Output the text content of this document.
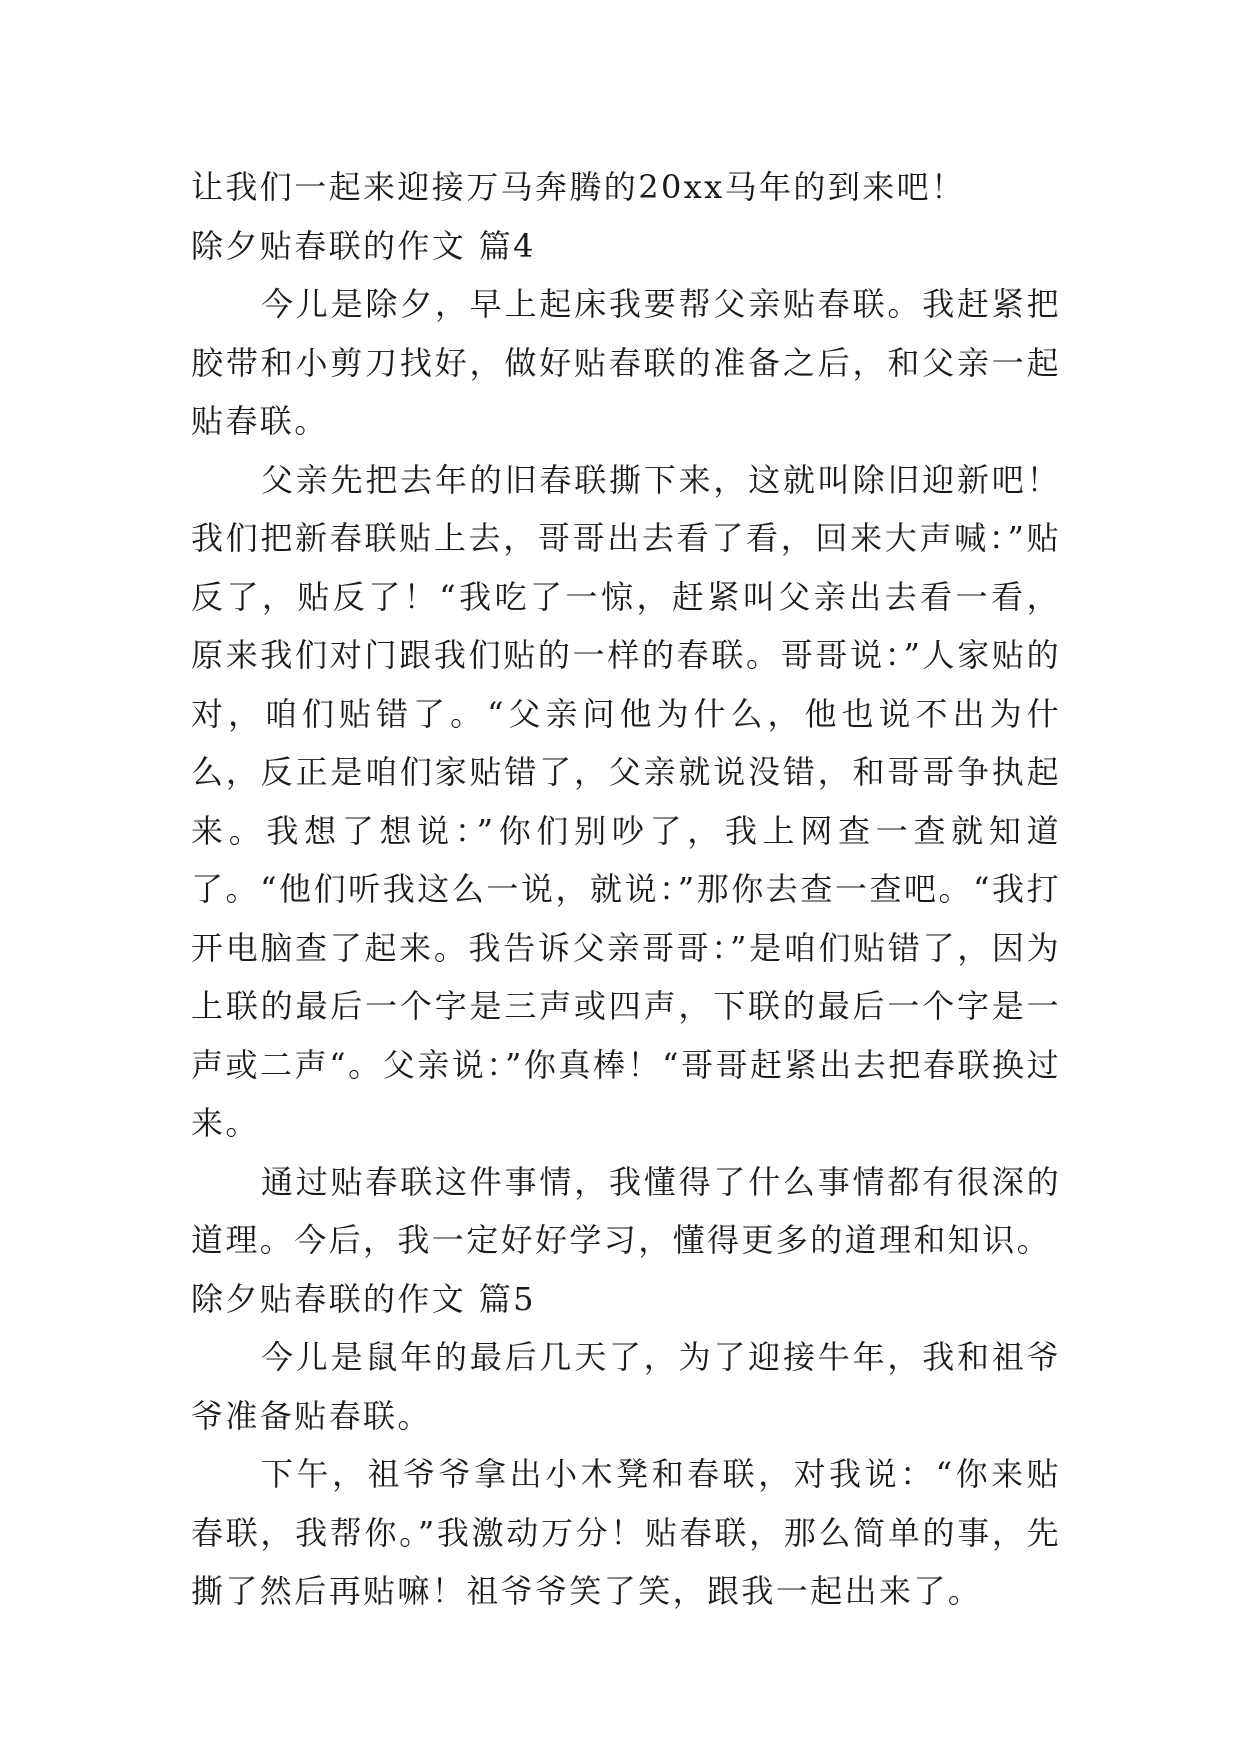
让我们一起来迎接万马奔腾的20xx马年的到来吧！

除夕贴春联的作文 篇4

今儿是除夕，早上起床我要帮父亲贴春联。我赶紧把胶带和小剪刀找好，做好贴春联的准备之后，和父亲一起贴春联。

父亲先把去年的旧春联撕下来，这就叫除旧迎新吧！我们把新春联贴上去，哥哥出去看了看，回来大声喊：”贴反了，贴反了！“我吃了一惊，赶紧叫父亲出去看一看，原来我们对门跟我们贴的一样的春联。哥哥说：”人家贴的对，咱们贴错了。“父亲问他为什么，他也说不出为什么，反正是咱们家贴错了，父亲就说没错，和哥哥争执起来。我想了想说：”你们别吵了，我上网查一查就知道了。“他们听我这么一说，就说：”那你去查一查吧。“我打开电脑查了起来。我告诉父亲哥哥：”是咱们贴错了，因为上联的最后一个字是三声或四声，下联的最后一个字是一声或二声“。父亲说：”你真棒！“哥哥赶紧出去把春联换过来。

通过贴春联这件事情，我懂得了什么事情都有很深的道理。今后，我一定好好学习，懂得更多的道理和知识。

除夕贴春联的作文 篇5

今儿是鼠年的最后几天了，为了迎接牛年，我和祖爷爷准备贴春联。

下午，祖爷爷拿出小木凳和春联，对我说：“你来贴春联，我帮你。”我激动万分！贴春联，那么简单的事，先撕了然后再贴嘛！祖爷爷笑了笑，跟我一起出来了。
